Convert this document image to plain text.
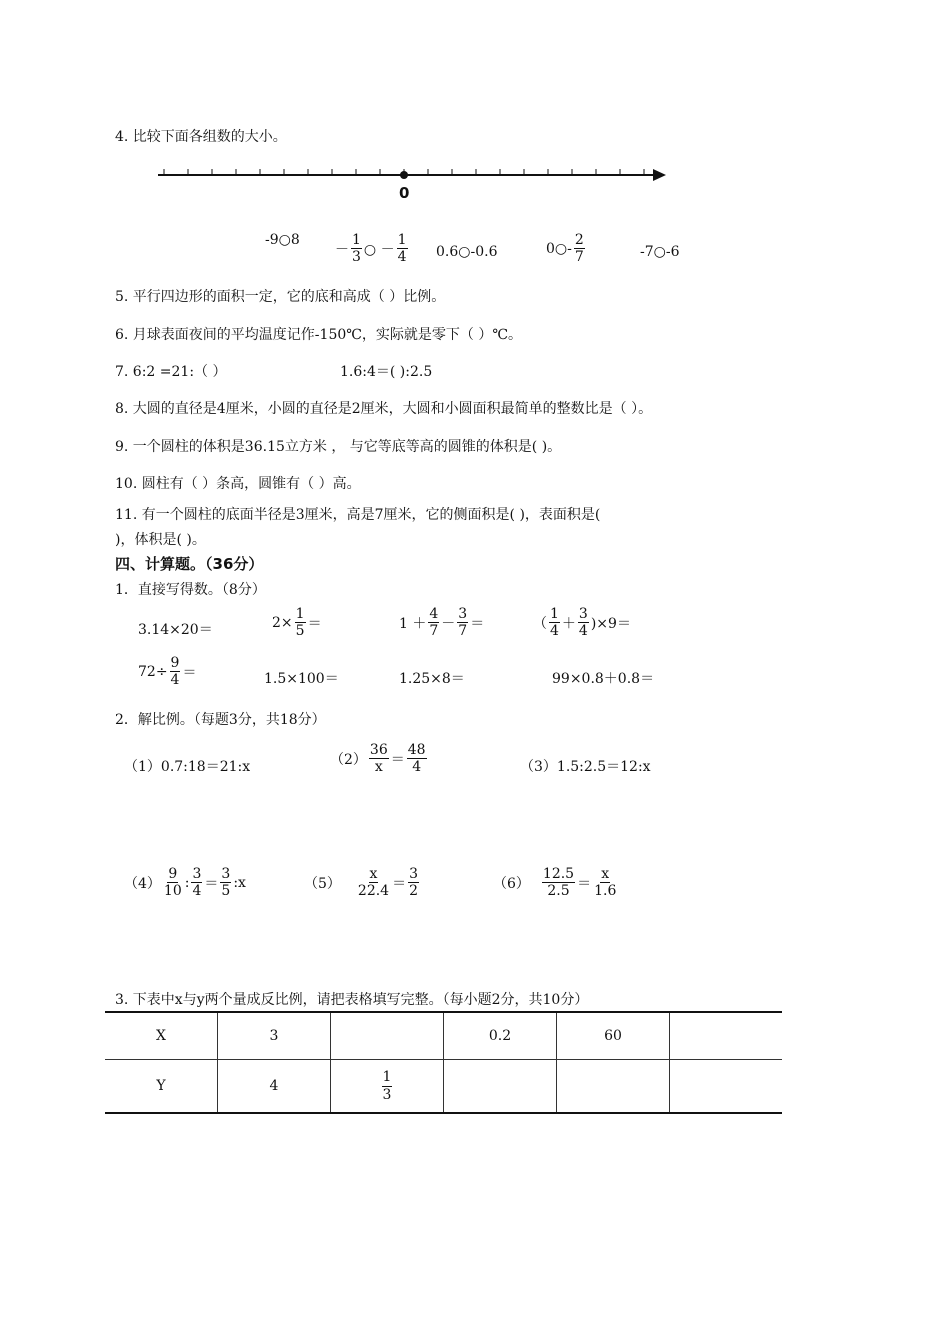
4. 比较下面各组数的大小。
0
-9○8
－ $\frac{1}{3}$ ○ － $\frac{1}{4}$ 0.6○-0.6	0○- $\frac{2}{7}$	-7○-6
5. 平行四边形的面积一定，它的底和高成（ ）比例。
6. 月球表面夜间的平均温度记作-150℃，实际就是零下（ ）℃。
7. 6:2 =21:（ ）	1.6:4＝( ):2.5
8. 大圆的直径是4厘米，小圆的直径是2厘米，大圆和小圆面积最简单的整数比是（ ）。
9. 一个圆柱的体积是36.15立方米 ， 与它等底等高的圆锥的体积是( )。
10. 圆柱有（ ）条高，圆锥有（ ）高。
11. 有一个圆柱的底面半径是3厘米，高是7厘米，它的侧面积是( )，表面积是(
)，体积是( )。
四、计算题。（36分）
1．直接写得数。（8分）
3.14×20＝	$2\times \frac{1}{5}$ ＝	$1 + \frac{4}{7} - \frac{3}{7}$ ＝	（ $\frac{1}{4} + \frac{3}{4} )\times 9=$
$72\div \frac{9}{4}$ ＝	1.5×100＝	1.25×8＝	99×0.8＋0.8＝
2．解比例。（每题3分，共18分）
（1）0.7:18＝21:x	$(2) \frac{36}{x} = \frac{48}{4}$	（3）1.5:2.5＝12:x
$(4) \frac{9}{10}$ : $\frac{3}{4} = \frac{3}{5}$ :x	$(5) \frac{x}{22.4} = \frac{3}{2}$	$(6) \frac{12.5}{2.5} = \frac{x}{1.6}$
3. 下表中x与y两个量成反比例，请把表格填写完整。（每小题2分，共10分）
X	3		0.2	60	
Y	4	$\frac{1}{3}$
